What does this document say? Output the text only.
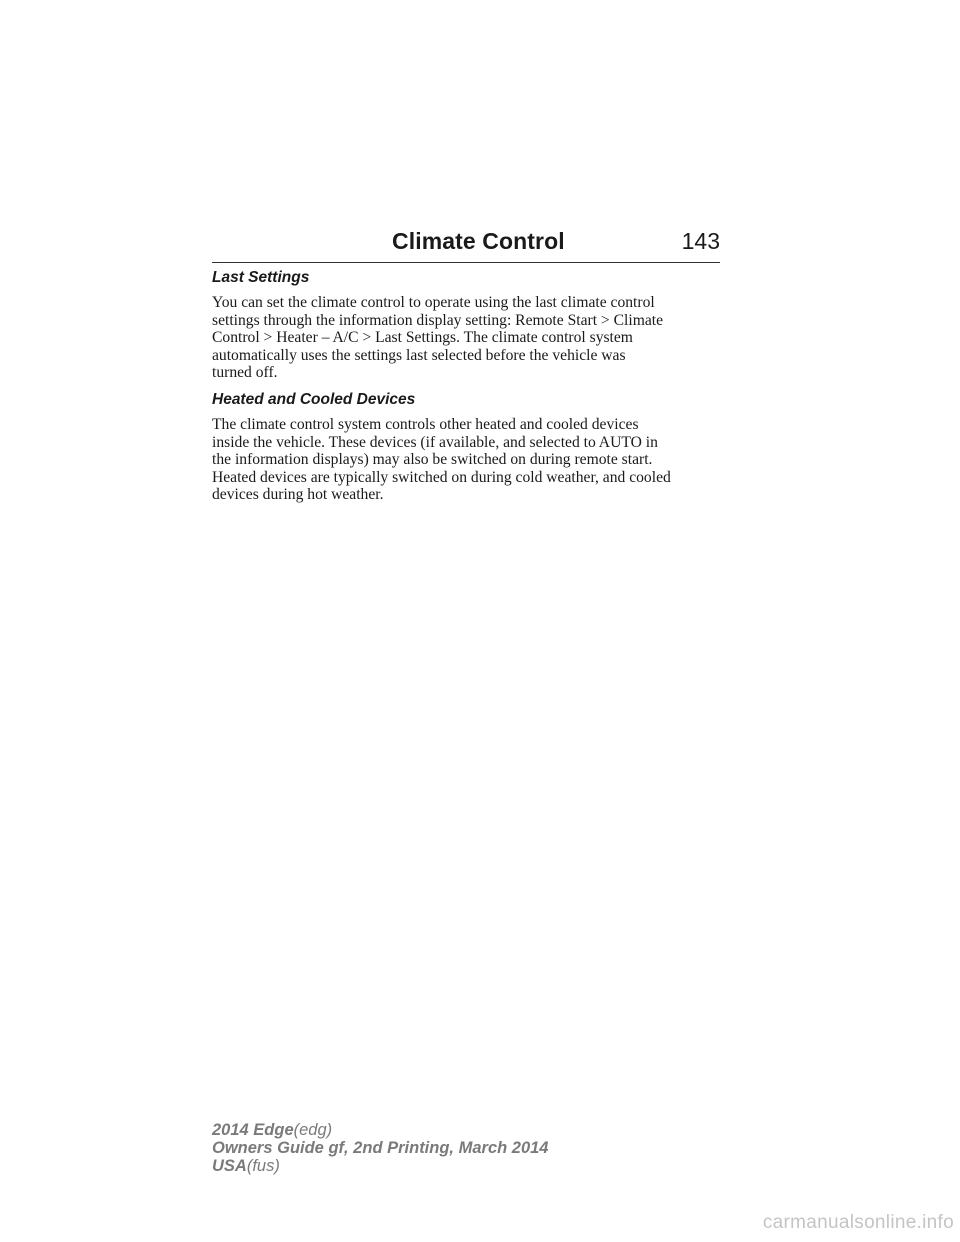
Climate Control	143
Last Settings

You can set the climate control to operate using the last climate control
settings through the information display setting: Remote Start > Climate
Control > Heater – A/C > Last Settings. The climate control system
automatically uses the settings last selected before the vehicle was
turned off.

Heated and Cooled Devices

The climate control system controls other heated and cooled devices
inside the vehicle. These devices (if available, and selected to AUTO in
the information displays) may also be switched on during remote start.
Heated devices are typically switched on during cold weather, and cooled
devices during hot weather.

2014 Edge(edg)
Owners Guide gf, 2nd Printing, March 2014
USA(fus)
carmanualsonline.info
